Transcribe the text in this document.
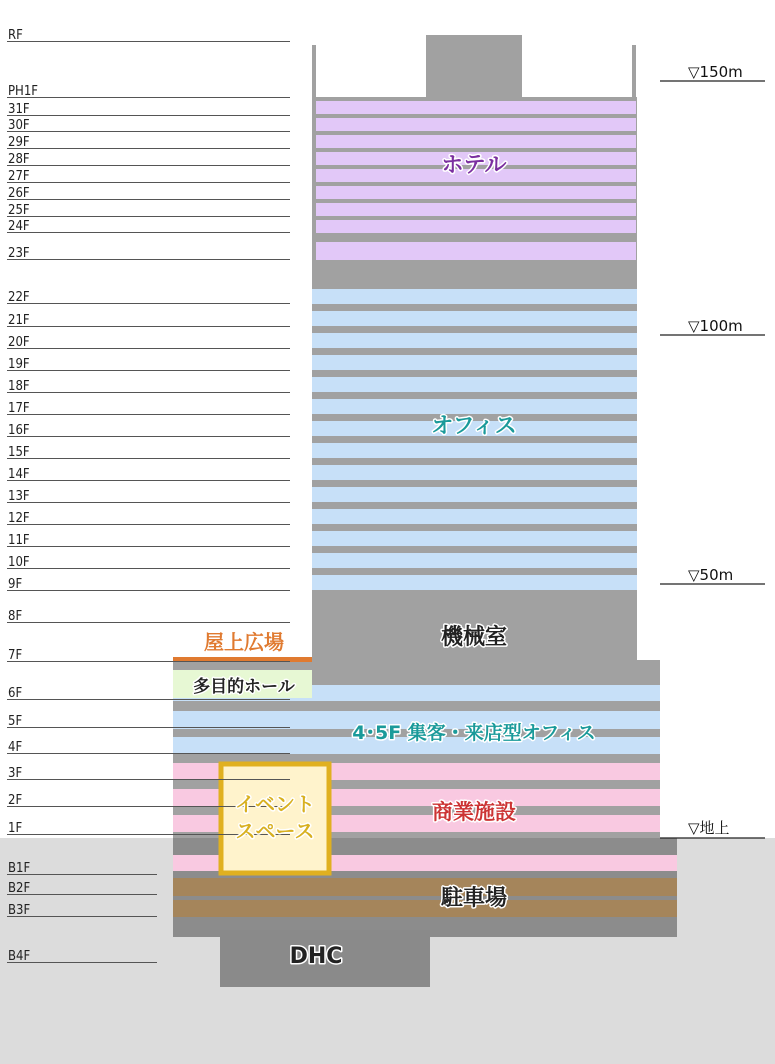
RF
PH1F
31F
30F
29F
28F
27F
26F
25F
24F
23F
22F
21F
20F
19F
18F
17F
16F
15F
14F
13F
12F
11F
10F
9F
8F
7F
6F
5F
4F
3F
2F
1F
B1F
B2F
B3F
B4F
▽150m
▽100m
▽50m
▽地上
ホテル
オフィス
機械室
屋上広場
多目的ホール
4･5F 集客・来店型オフィス
イベント
スペース
商業施設
駐車場
DHC
